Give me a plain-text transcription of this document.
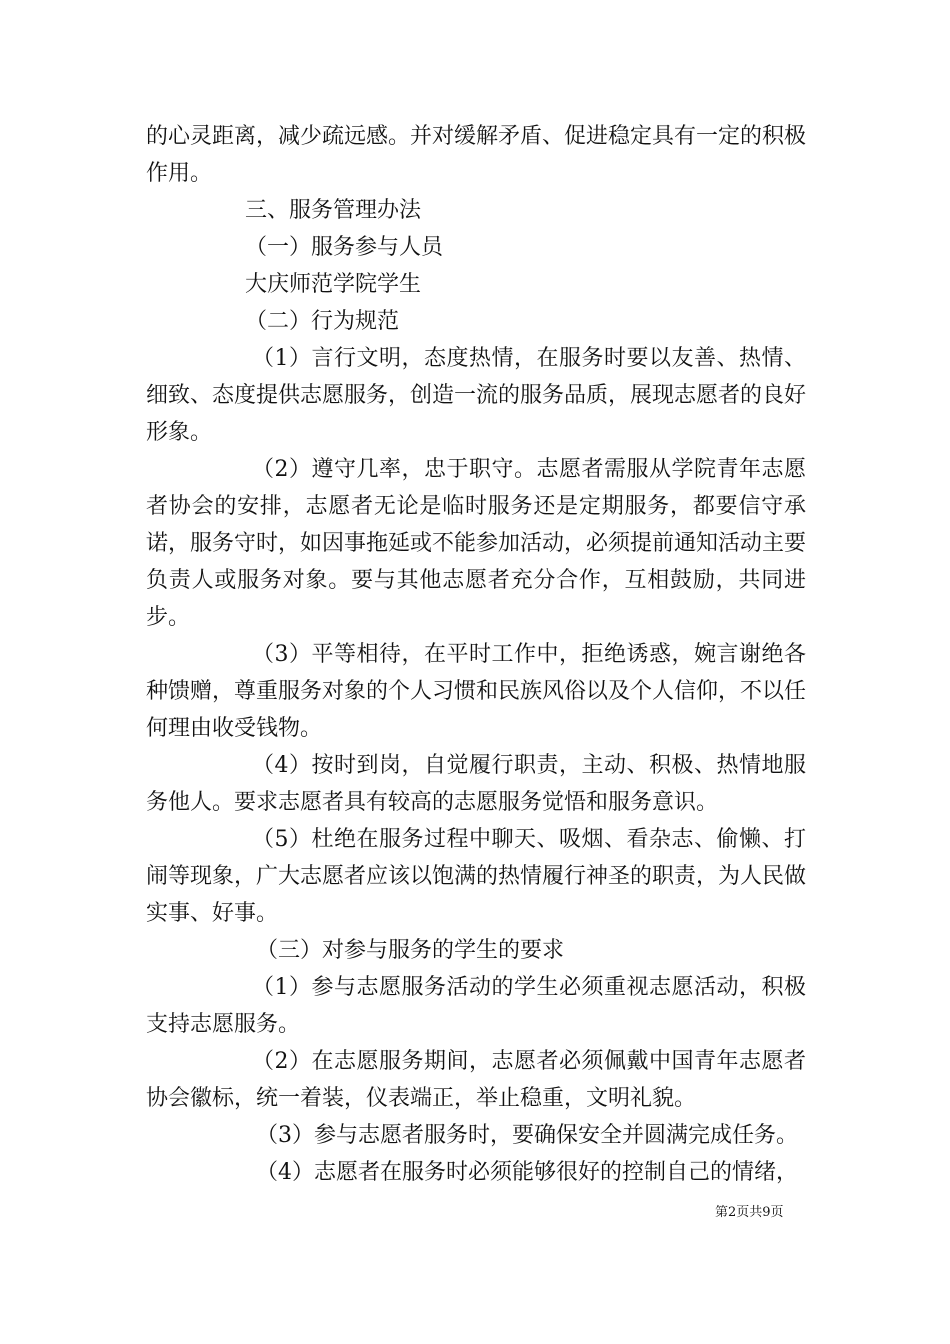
的心灵距离，减少疏远感。并对缓解矛盾、促进稳定具有一定的积极作用。

三、服务管理办法

（一）服务参与人员

大庆师范学院学生

（二）行为规范

（1）言行文明，态度热情，在服务时要以友善、热情、细致、态度提供志愿服务，创造一流的服务品质，展现志愿者的良好形象。

（2）遵守几率，忠于职守。志愿者需服从学院青年志愿者协会的安排，志愿者无论是临时服务还是定期服务，都要信守承诺，服务守时，如因事拖延或不能参加活动，必须提前通知活动主要负责人或服务对象。要与其他志愿者充分合作，互相鼓励，共同进步。

（3）平等相待，在平时工作中，拒绝诱惑，婉言谢绝各种馈赠，尊重服务对象的个人习惯和民族风俗以及个人信仰，不以任何理由收受钱物。

（4）按时到岗，自觉履行职责，主动、积极、热情地服务他人。要求志愿者具有较高的志愿服务觉悟和服务意识。

（5）杜绝在服务过程中聊天、吸烟、看杂志、偷懒、打闹等现象，广大志愿者应该以饱满的热情履行神圣的职责，为人民做实事、好事。

（三）对参与服务的学生的要求

（1）参与志愿服务活动的学生必须重视志愿活动，积极支持志愿服务。

（2）在志愿服务期间，志愿者必须佩戴中国青年志愿者协会徽标，统一着装，仪表端正，举止稳重，文明礼貌。

（3）参与志愿者服务时，要确保安全并圆满完成任务。

（4）志愿者在服务时必须能够很好的控制自己的情绪，

第2页共9页
